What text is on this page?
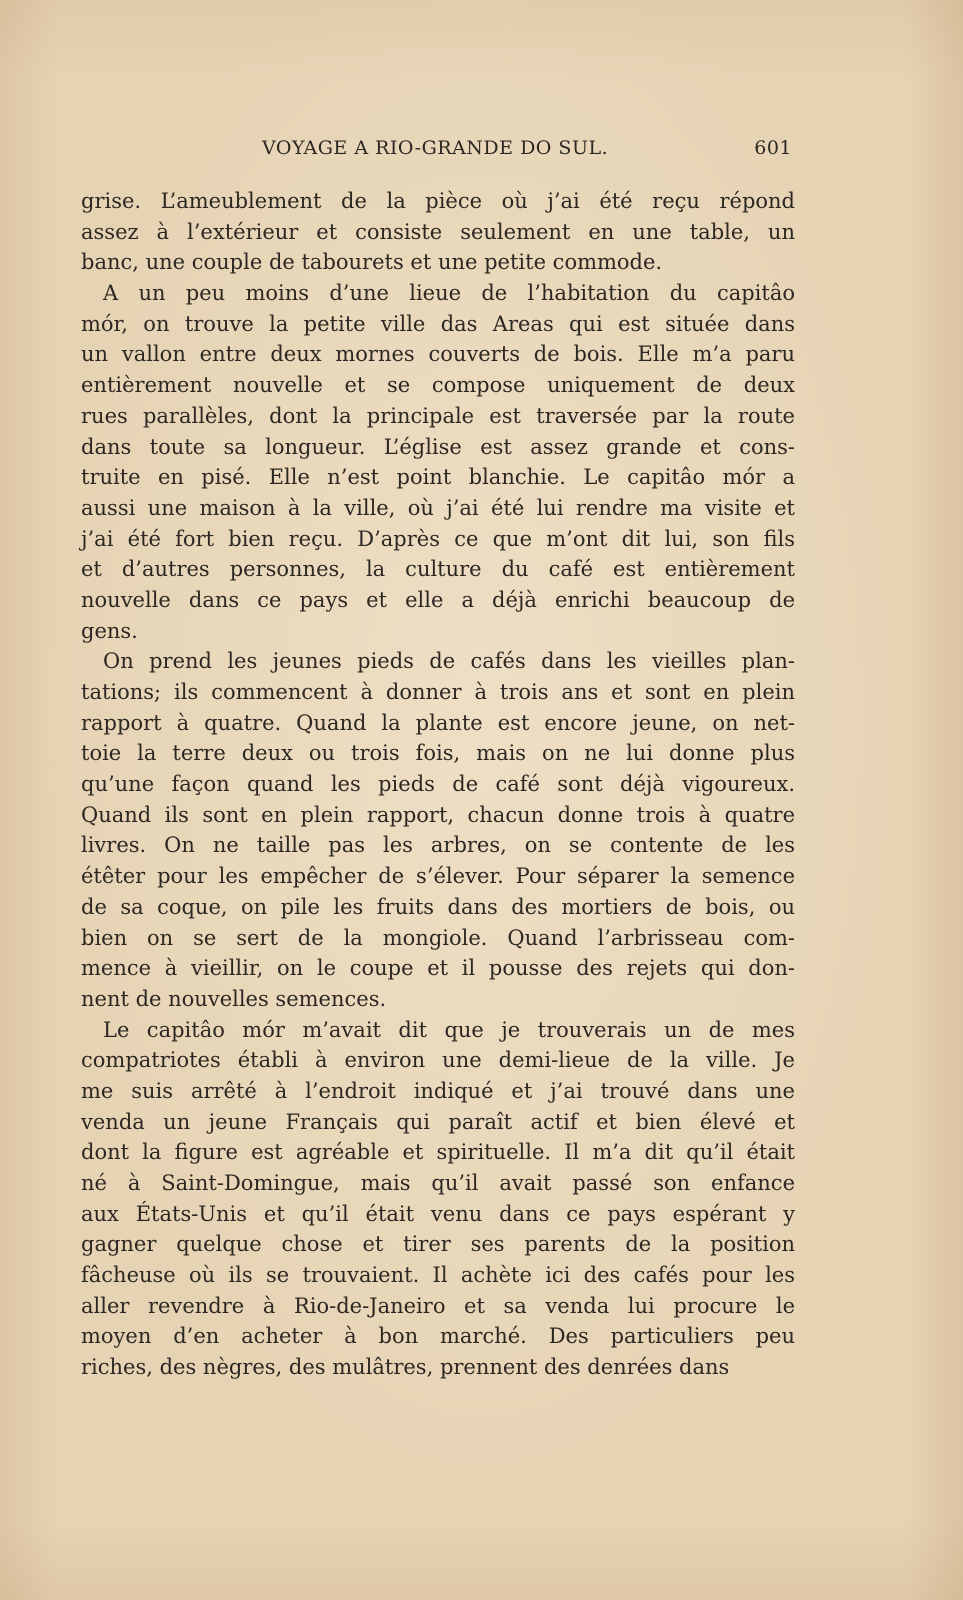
VOYAGE A RIO-GRANDE DO SUL.	601
grise. L’ameublement de la pièce où j’ai été reçu répond
assez à l’extérieur et consiste seulement en une table, un
banc, une couple de tabourets et une petite commode.
A un peu moins d’une lieue de l’habitation du capitâo
mór, on trouve la petite ville das Areas qui est située dans
un vallon entre deux mornes couverts de bois. Elle m’a paru
entièrement nouvelle et se compose uniquement de deux
rues parallèles, dont la principale est traversée par la route
dans toute sa longueur. L’église est assez grande et cons-
truite en pisé. Elle n’est point blanchie. Le capitâo mór a
aussi une maison à la ville, où j’ai été lui rendre ma visite et
j’ai été fort bien reçu. D’après ce que m’ont dit lui, son fils
et d’autres personnes, la culture du café est entièrement
nouvelle dans ce pays et elle a déjà enrichi beaucoup de
gens.
On prend les jeunes pieds de cafés dans les vieilles plan-
tations; ils commencent à donner à trois ans et sont en plein
rapport à quatre. Quand la plante est encore jeune, on net-
toie la terre deux ou trois fois, mais on ne lui donne plus
qu’une façon quand les pieds de café sont déjà vigoureux.
Quand ils sont en plein rapport, chacun donne trois à quatre
livres. On ne taille pas les arbres, on se contente de les
étêter pour les empêcher de s’élever. Pour séparer la semence
de sa coque, on pile les fruits dans des mortiers de bois, ou
bien on se sert de la mongiole. Quand l’arbrisseau com-
mence à vieillir, on le coupe et il pousse des rejets qui don-
nent de nouvelles semences.
Le capitâo mór m’avait dit que je trouverais un de mes
compatriotes établi à environ une demi-lieue de la ville. Je
me suis arrêté à l’endroit indiqué et j’ai trouvé dans une
venda un jeune Français qui paraît actif et bien élevé et
dont la figure est agréable et spirituelle. Il m’a dit qu’il était
né à Saint-Domingue, mais qu’il avait passé son enfance
aux États-Unis et qu’il était venu dans ce pays espérant y
gagner quelque chose et tirer ses parents de la position
fâcheuse où ils se trouvaient. Il achète ici des cafés pour les
aller revendre à Rio-de-Janeiro et sa venda lui procure le
moyen d’en acheter à bon marché. Des particuliers peu
riches, des nègres, des mulâtres, prennent des denrées dans
